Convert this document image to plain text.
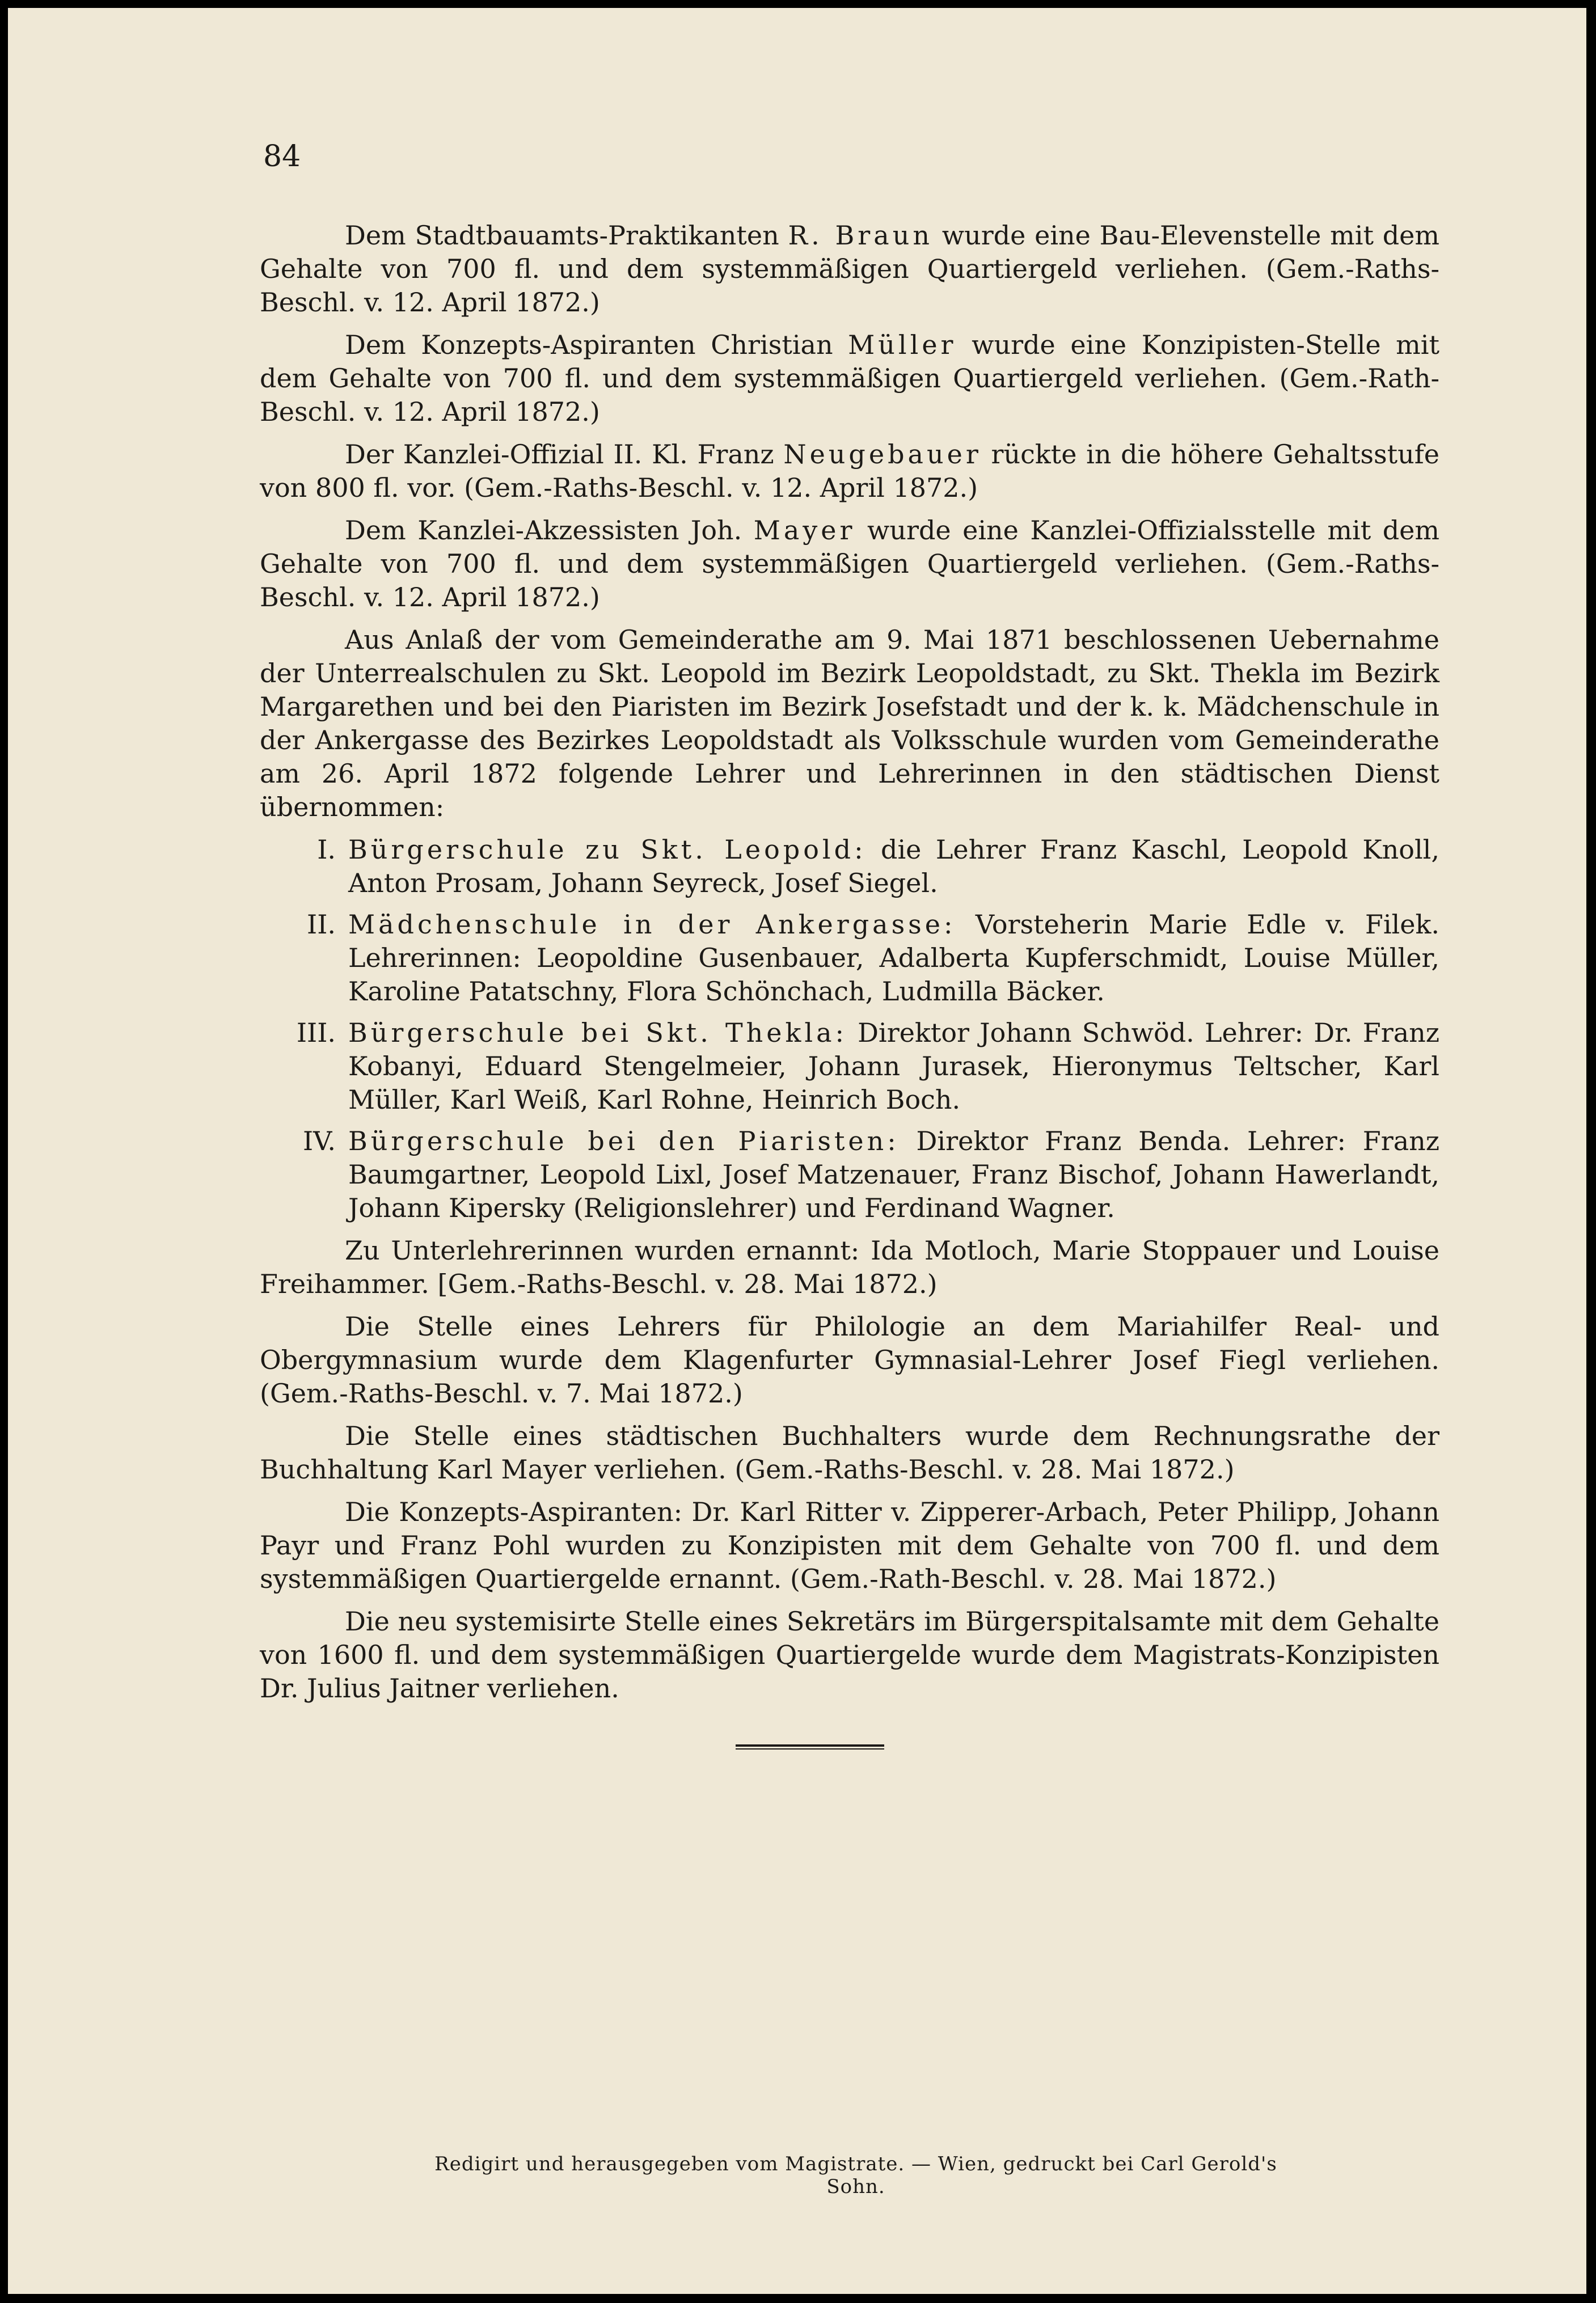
84

Dem Stadtbauamts-Praktikanten R. Braun wurde eine Bau-Elevenstelle mit dem Gehalte von 700 fl. und dem systemmäßigen Quartiergeld verliehen. (Gem.-Raths-Beschl. v. 12. April 1872.)

Dem Konzepts-Aspiranten Christian Müller wurde eine Konzipisten-Stelle mit dem Gehalte von 700 fl. und dem systemmäßigen Quartiergeld verliehen. (Gem.-Rath-Beschl. v. 12. April 1872.)

Der Kanzlei-Offizial II. Kl. Franz Neugebauer rückte in die höhere Gehaltsstufe von 800 fl. vor. (Gem.-Raths-Beschl. v. 12. April 1872.)

Dem Kanzlei-Akzessisten Joh. Mayer wurde eine Kanzlei-Offizialsstelle mit dem Gehalte von 700 fl. und dem systemmäßigen Quartiergeld verliehen. (Gem.-Raths-Beschl. v. 12. April 1872.)

Aus Anlaß der vom Gemeinderathe am 9. Mai 1871 beschlossenen Uebernahme der Unterrealschulen zu Skt. Leopold im Bezirk Leopoldstadt, zu Skt. Thekla im Bezirk Margarethen und bei den Piaristen im Bezirk Josefstadt und der k. k. Mädchenschule in der Ankergasse des Bezirkes Leopoldstadt als Volksschule wurden vom Gemeinderathe am 26. April 1872 folgende Lehrer und Lehrerinnen in den städtischen Dienst übernommen:

I. Bürgerschule zu Skt. Leopold: die Lehrer Franz Kaschl, Leopold Knoll, Anton Prosam, Johann Seyreck, Josef Siegel.
II. Mädchenschule in der Ankergasse: Vorsteherin Marie Edle v. Filek. Lehrerinnen: Leopoldine Gusenbauer, Adalberta Kupferschmidt, Louise Müller, Karoline Patatschny, Flora Schönchach, Ludmilla Bäcker.
III. Bürgerschule bei Skt. Thekla: Direktor Johann Schwöd. Lehrer: Dr. Franz Kobanyi, Eduard Stengelmeier, Johann Jurasek, Hieronymus Teltscher, Karl Müller, Karl Weiß, Karl Rohne, Heinrich Boch.
IV. Bürgerschule bei den Piaristen: Direktor Franz Benda. Lehrer: Franz Baumgartner, Leopold Lixl, Josef Matzenauer, Franz Bischof, Johann Hawerlandt, Johann Kipersky (Religionslehrer) und Ferdinand Wagner.

Zu Unterlehrerinnen wurden ernannt: Ida Motloch, Marie Stoppauer und Louise Freihammer. [Gem.-Raths-Beschl. v. 28. Mai 1872.)

Die Stelle eines Lehrers für Philologie an dem Mariahilfer Real- und Obergymnasium wurde dem Klagenfurter Gymnasial-Lehrer Josef Fiegl verliehen. (Gem.-Raths-Beschl. v. 7. Mai 1872.)

Die Stelle eines städtischen Buchhalters wurde dem Rechnungsrathe der Buchhaltung Karl Mayer verliehen. (Gem.-Raths-Beschl. v. 28. Mai 1872.)

Die Konzepts-Aspiranten: Dr. Karl Ritter v. Zipperer-Arbach, Peter Philipp, Johann Payr und Franz Pohl wurden zu Konzipisten mit dem Gehalte von 700 fl. und dem systemmäßigen Quartiergelde ernannt. (Gem.-Rath-Beschl. v. 28. Mai 1872.)

Die neu systemisirte Stelle eines Sekretärs im Bürgerspitalsamte mit dem Gehalte von 1600 fl. und dem systemmäßigen Quartiergelde wurde dem Magistrats-Konzipisten Dr. Julius Jaitner verliehen.

Redigirt und herausgegeben vom Magistrate. — Wien, gedruckt bei Carl Gerold's Sohn.
